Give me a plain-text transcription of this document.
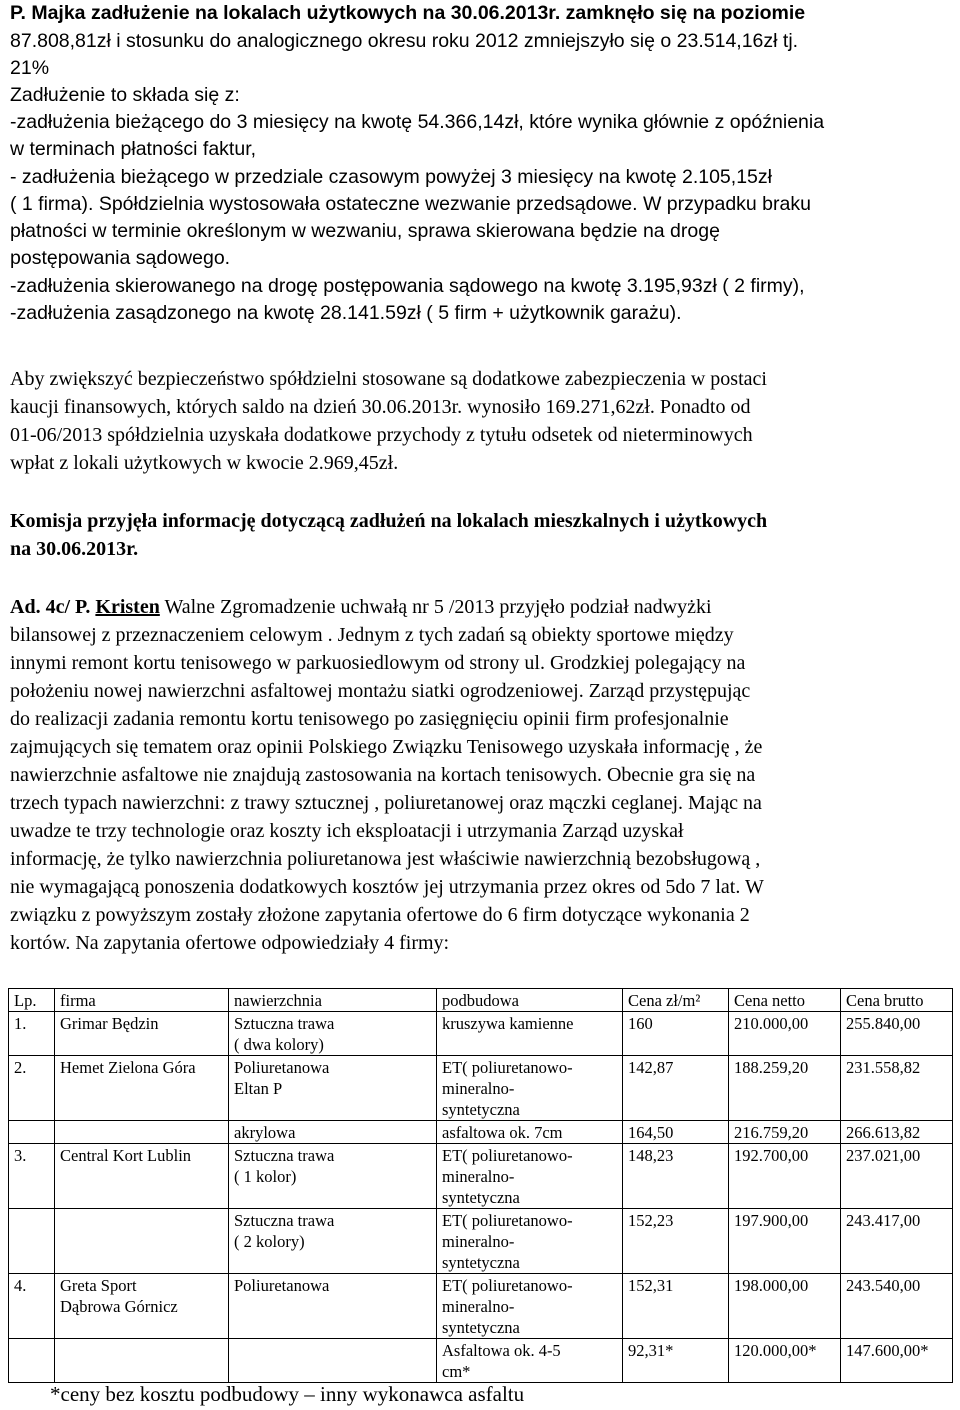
P. Majka zadłużenie na lokalach użytkowych na 30.06.2013r. zamknęło się na poziomie
87.808,81zł i stosunku do analogicznego okresu roku 2012 zmniejszyło się o 23.514,16zł tj.
21%
Zadłużenie to składa się z:
-zadłużenia bieżącego do 3 miesięcy na kwotę 54.366,14zł, które wynika głównie z opóźnienia
w terminach płatności faktur,
- zadłużenia bieżącego w przedziale czasowym powyżej 3 miesięcy na kwotę 2.105,15zł
( 1 firma). Spółdzielnia wystosowała ostateczne wezwanie przedsądowe. W przypadku braku
płatności w terminie określonym w wezwaniu, sprawa skierowana będzie na drogę
postępowania sądowego.
-zadłużenia skierowanego na drogę postępowania sądowego na kwotę 3.195,93zł ( 2 firmy),
-zadłużenia zasądzonego na kwotę 28.141.59zł ( 5 firm + użytkownik garażu).
Aby zwiększyć bezpieczeństwo spółdzielni stosowane są dodatkowe zabezpieczenia w postaci
kaucji finansowych, których saldo na dzień 30.06.2013r. wynosiło 169.271,62zł. Ponadto od
01-06/2013 spółdzielnia uzyskała dodatkowe przychody z tytułu odsetek od nieterminowych
wpłat z lokali użytkowych w kwocie 2.969,45zł.
Komisja przyjęła informację dotyczącą zadłużeń na lokalach mieszkalnych i użytkowych
na 30.06.2013r.
Ad. 4c/ P. Kristen Walne Zgromadzenie uchwałą nr 5 /2013 przyjęło podział nadwyżki
bilansowej z przeznaczeniem celowym . Jednym z tych zadań są obiekty sportowe między
innymi remont kortu tenisowego w parkuosiedlowym od strony ul. Grodzkiej polegający na
położeniu nowej nawierzchni asfaltowej montażu siatki ogrodzeniowej. Zarząd przystępując
do realizacji zadania remontu kortu tenisowego po zasięgnięciu opinii firm profesjonalnie
zajmujących się tematem oraz opinii Polskiego Związku Tenisowego uzyskała informację , że
nawierzchnie asfaltowe nie znajdują zastosowania na kortach tenisowych. Obecnie gra się na
trzech typach nawierzchni: z trawy sztucznej , poliuretanowej oraz mączki ceglanej. Mając na
uwadze te trzy technologie oraz koszty ich eksploatacji i utrzymania Zarząd uzyskał
informację, że tylko nawierzchnia poliuretanowa jest właściwie nawierzchnią bezobsługową ,
nie wymagającą ponoszenia dodatkowych kosztów jej utrzymania przez okres od 5do 7 lat. W
związku z powyższym zostały złożone zapytania ofertowe do 6 firm dotyczące wykonania 2
kortów. Na zapytania ofertowe odpowiedziały 4 firmy:
Lp.	firma	nawierzchnia	podbudowa	Cena zł/m²	Cena netto	Cena brutto
1.	Grimar Będzin	Sztuczna trawa
( dwa kolory)	kruszywa kamienne	160	210.000,00	255.840,00
2.	Hemet Zielona Góra	Poliuretanowa
Eltan P	ET( poliuretanowo-
mineralno-
syntetyczna	142,87	188.259,20	231.558,82

		akrylowa	asfaltowa ok. 7cm	164,50	216.759,20	266.613,82
3.	Central Kort Lublin	Sztuczna trawa
( 1 kolor)	ET( poliuretanowo-
mineralno-
syntetyczna	148,23	192.700,00	237.021,00

		Sztuczna trawa
( 2 kolory)	ET( poliuretanowo-
mineralno-
syntetyczna	152,23	197.900,00	243.417,00
4.	Greta Sport
Dąbrowa Górnicz	Poliuretanowa	ET( poliuretanowo-
mineralno-
syntetyczna	152,31	198.000,00	243.540,00

			Asfaltowa ok. 4-5
cm*	92,31*	120.000,00*	147.600,00*
*ceny bez kosztu podbudowy – inny wykonawca asfaltu
